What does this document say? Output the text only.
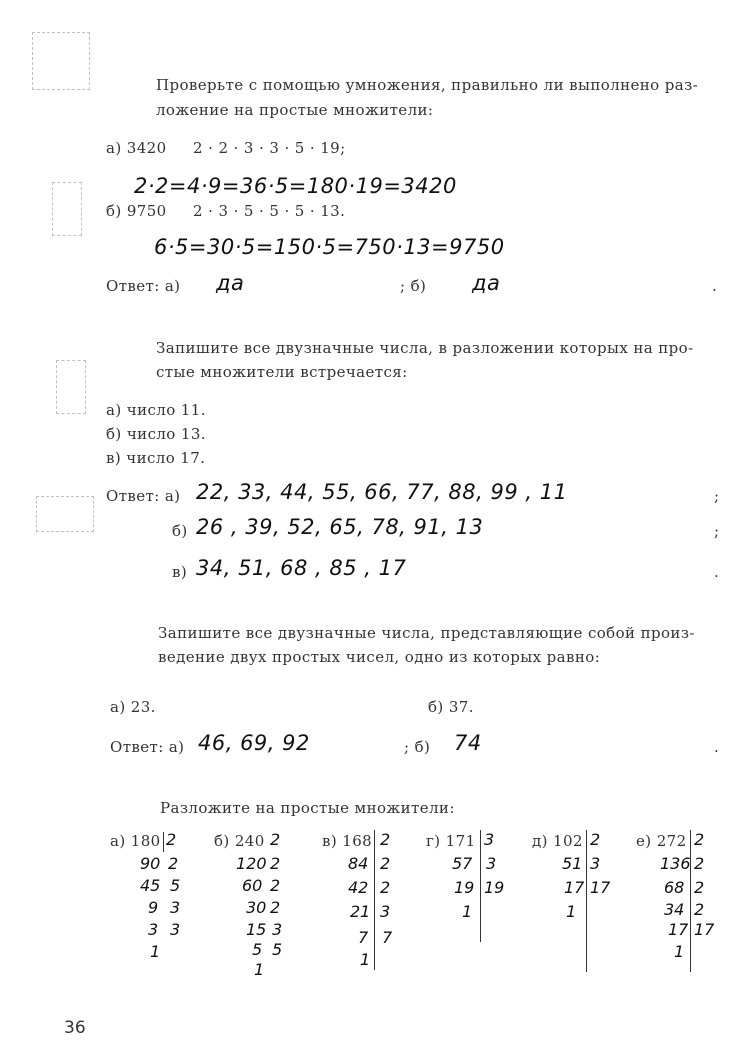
Проверьте с помощью умножения, правильно ли выполнено раз-
ложение на простые множители:
а) 3420 2 · 2 · 3 · 3 · 5 · 19;
2·2=4·9=36·5=180·19=3420
б) 9750 2 · 3 · 5 · 5 · 5 · 13.
6·5=30·5=150·5=750·13=9750
Ответ: а) да	; б) да	.
Запишите все двузначные числа, в разложении которых на про-
стые множители встречается:
а) число 11.
б) число 13.
в) число 17.
Ответ: а) 22, 33, 44, 55, 66, 77, 88, 99 , 11	;
б) 26 , 39, 52, 65, 78, 91, 13	;
в) 34, 51, 68 , 85 , 17	.
Запишите все двузначные числа, представляющие собой произ-
ведение двух простых чисел, одно из которых равно:
а) 23.	б) 37.
Ответ: а) 46, 69, 92	; б) 74	.
Разложите на простые множители:
а) 180 2
90 2
45 5
9 3
3 3
1
б) 240 2
120 2
60 2
30 2
15 3
5 5
1
в) 168 2
84 2
42 2
21 3
7 7
1
г) 171 3
57 3
19 19
1
д) 102 2
51 3
17 17
1
е) 272 2
136 2
68 2
34 2
17 17
1
36
